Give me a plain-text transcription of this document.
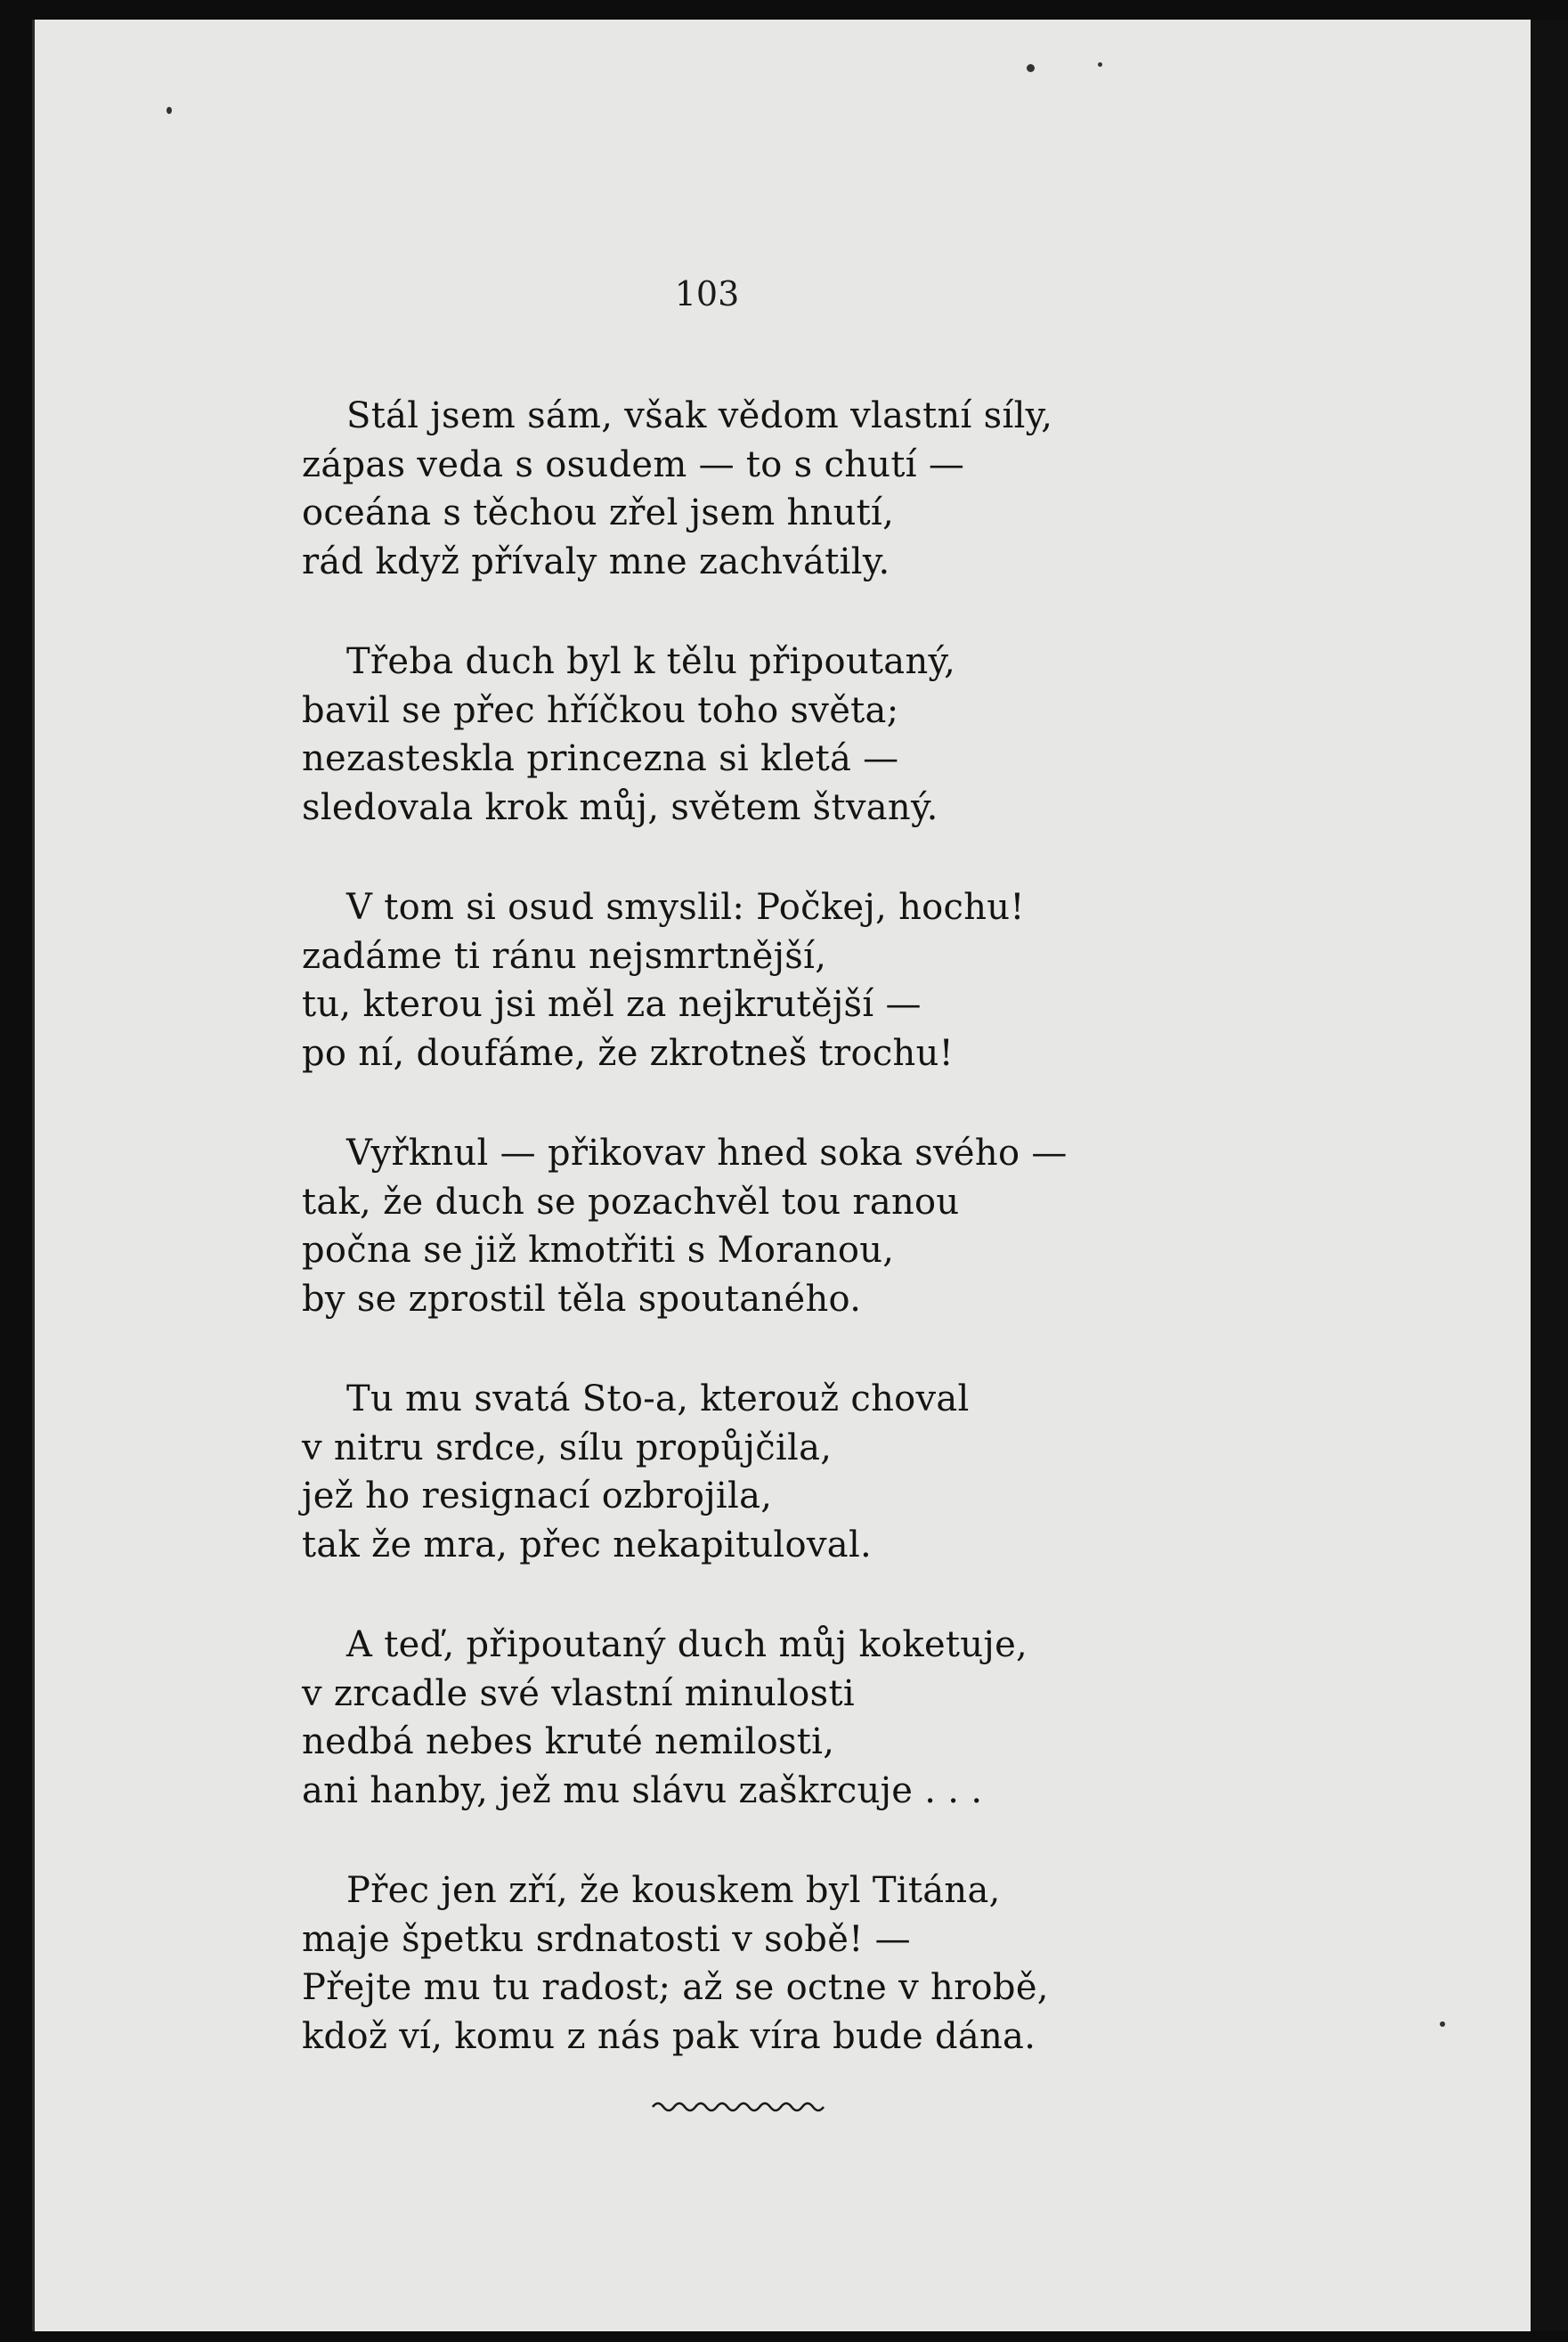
103
Stál jsem sám, však vědom vlastní síly,
zápas veda s osudem — to s chutí —
oceána s těchou zřel jsem hnutí,
rád když přívaly mne zachvátily.
Třeba duch byl k tělu připoutaný,
bavil se přec hříčkou toho světa;
nezasteskla princezna si kletá —
sledovala krok můj, světem štvaný.
V tom si osud smyslil: Počkej, hochu!
zadáme ti ránu nejsmrtnější,
tu, kterou jsi měl za nejkrutější —
po ní, doufáme, že zkrotneš trochu!
Vyřknul — přikovav hned soka svého —
tak, že duch se pozachvěl tou ranou
počna se již kmotřiti s Moranou,
by se zprostil těla spoutaného.
Tu mu svatá Sto-a, kterouž choval
v nitru srdce, sílu propůjčila,
jež ho resignací ozbrojila,
tak že mra, přec nekapituloval.
A teď, připoutaný duch můj koketuje,
v zrcadle své vlastní minulosti
nedbá nebes kruté nemilosti,
ani hanby, jež mu slávu zaškrcuje . . .
Přec jen zří, že kouskem byl Titána,
maje špetku srdnatosti v sobě! —
Přejte mu tu radost; až se octne v hrobě,
kdož ví, komu z nás pak víra bude dána.
